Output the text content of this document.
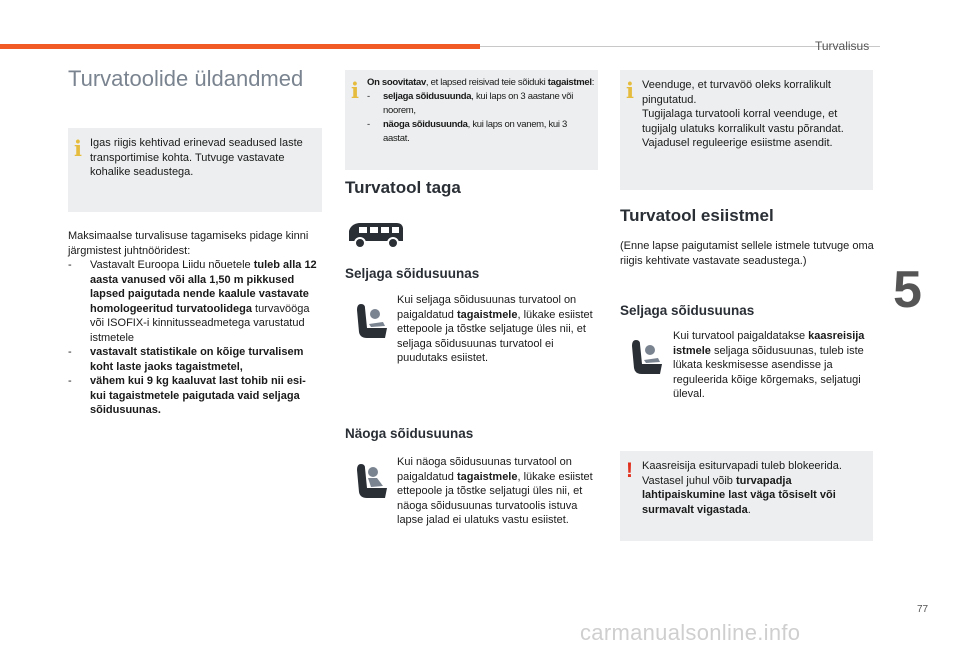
Turvalisus
5
77
carmanualsonline.info
Turvatoolide üldandmed
i Igas riigis kehtivad erinevad seadused laste transportimise kohta. Tutvuge vastavate kohalike seadustega.
Maksimaalse turvalisuse tagamiseks pidage kinni järgmistest juhtnööridest:
- Vastavalt Euroopa Liidu nõuetele tuleb alla 12 aasta vanused või alla 1,50 m pikkused lapsed paigutada nende kaalule vastavate homologeeritud turvatoolidega turvavööga või ISOFIX-i kinnitusseadmetega varustatud istmetele
- vastavalt statistikale on kõige turvalisem koht laste jaoks tagaistmetel,
- vähem kui 9 kg kaaluvat last tohib nii esi- kui tagaistmetele paigutada vaid seljaga sõidusuunas.
i On soovitatav, et lapsed reisivad teie sõiduki tagaistmel:
- seljaga sõidusuunda, kui laps on 3 aastane või noorem,
- näoga sõidusuunda, kui laps on vanem, kui 3 aastat.
Turvatool taga
Seljaga sõidusuunas
Kui seljaga sõidusuunas turvatool on paigaldatud tagaistmele, lükake esiistet ettepoole ja tõstke seljatuge üles nii, et seljaga sõidusuunas turvatool ei puudutaks esiistet.
Näoga sõidusuunas
Kui näoga sõidusuunas turvatool on paigaldatud tagaistmele, lükake esiistet ettepoole ja tõstke seljatugi üles nii, et näoga sõidusuunas turvatoolis istuva lapse jalad ei ulatuks vastu esiistet.
i Veenduge, et turvavöö oleks korralikult pingutatud.
Tugijalaga turvatooli korral veenduge, et tugijalg ulatuks korralikult vastu põrandat. Vajadusel reguleerige esiistme asendit.
Turvatool esiistmel
(Enne lapse paigutamist sellele istmele tutvuge oma riigis kehtivate vastavate seadustega.)
Seljaga sõidusuunas
Kui turvatool paigaldatakse kaasreisija istmele seljaga sõidusuunas, tuleb iste lükata keskmisesse asendisse ja reguleerida kõige kõrgemaks, seljatugi üleval.
! Kaasreisija esiturvapadi tuleb blokeerida. Vastasel juhul võib turvapadja lahtipaiskumine last väga tõsiselt või surmavalt vigastada.
